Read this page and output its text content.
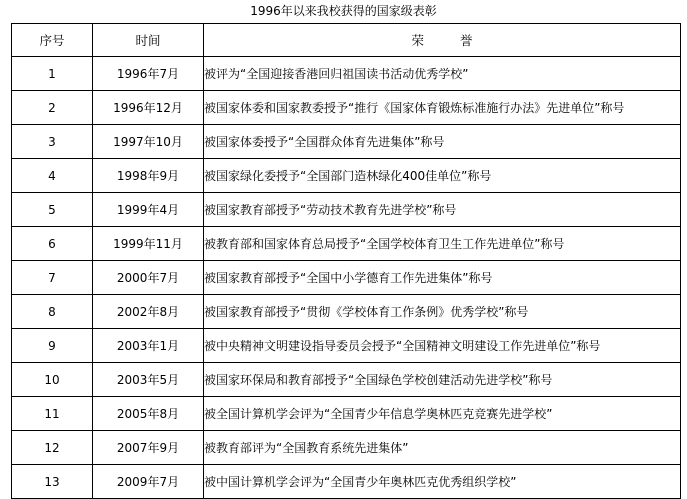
1996年以来我校获得的国家级表彰
序号	时间	荣誉
1	1996年7月	被评为“全国迎接香港回归祖国读书活动优秀学校”
2	1996年12月	被国家体委和国家教委授予“推行《国家体育锻炼标准施行办法》先进单位”称号
3	1997年10月	被国家体委授予“全国群众体育先进集体”称号
4	1998年9月	被国家绿化委授予“全国部门造林绿化400佳单位”称号
5	1999年4月	被国家教育部授予“劳动技术教育先进学校”称号
6	1999年11月	被教育部和国家体育总局授予“全国学校体育卫生工作先进单位”称号
7	2000年7月	被国家教育部授予“全国中小学德育工作先进集体”称号
8	2002年8月	被国家教育部授予“贯彻《学校体育工作条例》优秀学校”称号
9	2003年1月	被中央精神文明建设指导委员会授予“全国精神文明建设工作先进单位”称号
10	2003年5月	被国家环保局和教育部授予“全国绿色学校创建活动先进学校”称号
11	2005年8月	被全国计算机学会评为“全国青少年信息学奥林匹克竞赛先进学校”
12	2007年9月	被教育部评为“全国教育系统先进集体”
13	2009年7月	被中国计算机学会评为“全国青少年奥林匹克优秀组织学校”
